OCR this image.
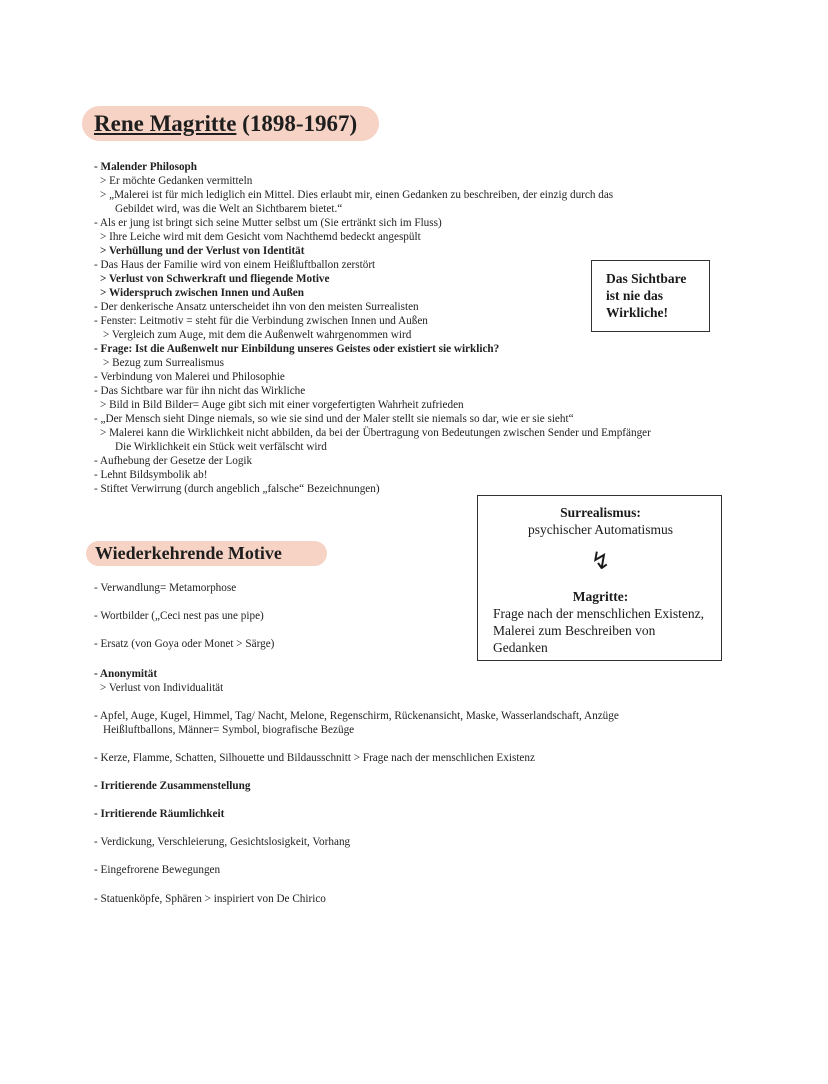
Rene Magritte (1898-1967)
- Malender Philosoph
> Er möchte Gedanken vermitteln
> „Malerei ist für mich lediglich ein Mittel. Dies erlaubt mir, einen Gedanken zu beschreiben, der einzig durch das
Gebildet wird, was die Welt an Sichtbarem bietet.“
- Als er jung ist bringt sich seine Mutter selbst um (Sie ertränkt sich im Fluss)
> Ihre Leiche wird mit dem Gesicht vom Nachthemd bedeckt angespült
> Verhüllung und der Verlust von Identität
- Das Haus der Familie wird von einem Heißluftballon zerstört
> Verlust von Schwerkraft und fliegende Motive
> Widerspruch zwischen Innen und Außen
- Der denkerische Ansatz unterscheidet ihn von den meisten Surrealisten
- Fenster: Leitmotiv = steht für die Verbindung zwischen Innen und Außen
> Vergleich zum Auge, mit dem die Außenwelt wahrgenommen wird
- Frage: Ist die Außenwelt nur Einbildung unseres Geistes oder existiert sie wirklich?
> Bezug zum Surrealismus
- Verbindung von Malerei und Philosophie
- Das Sichtbare war für ihn nicht das Wirkliche
> Bild in Bild Bilder= Auge gibt sich mit einer vorgefertigten Wahrheit zufrieden
- „Der Mensch sieht Dinge niemals, so wie sie sind und der Maler stellt sie niemals so dar, wie er sie sieht“
> Malerei kann die Wirklichkeit nicht abbilden, da bei der Übertragung von Bedeutungen zwischen Sender und Empfänger
Die Wirklichkeit ein Stück weit verfälscht wird
- Aufhebung der Gesetze der Logik
- Lehnt Bildsymbolik ab!
- Stiftet Verwirrung (durch angeblich „falsche“ Bezeichnungen)
Das Sichtbare
ist nie das
Wirkliche!
Surrealismus:
psychischer Automatismus
↯
Magritte:
Frage nach der menschlichen Existenz,
Malerei zum Beschreiben von
Gedanken
Wiederkehrende Motive
- Verwandlung= Metamorphose
- Wortbilder („Ceci nest pas une pipe)
- Ersatz (von Goya oder Monet > Särge)
- Anonymität
> Verlust von Individualität
- Apfel, Auge, Kugel, Himmel, Tag/ Nacht, Melone, Regenschirm, Rückenansicht, Maske, Wasserlandschaft, Anzüge
Heißluftballons, Männer= Symbol, biografische Bezüge
- Kerze, Flamme, Schatten, Silhouette und Bildausschnitt > Frage nach der menschlichen Existenz
- Irritierende Zusammenstellung
- Irritierende Räumlichkeit
- Verdickung, Verschleierung, Gesichtslosigkeit, Vorhang
- Eingefrorene Bewegungen
- Statuenköpfe, Sphären > inspiriert von De Chirico
